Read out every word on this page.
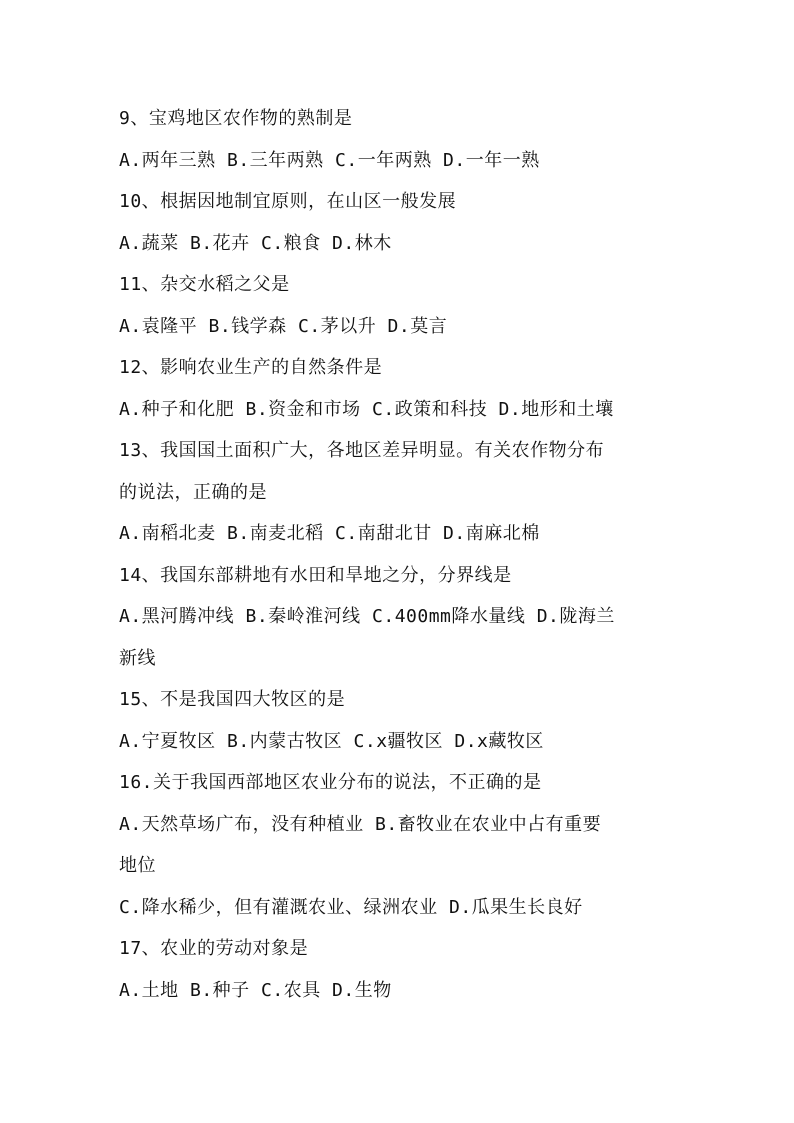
9、宝鸡地区农作物的熟制是
A.两年三熟 B.三年两熟 C.一年两熟 D.一年一熟
10、根据因地制宜原则，在山区一般发展
A.蔬菜 B.花卉 C.粮食 D.林木
11、杂交水稻之父是
A.袁隆平 B.钱学森 C.茅以升 D.莫言
12、影响农业生产的自然条件是
A.种子和化肥 B.资金和市场 C.政策和科技 D.地形和土壤
13、我国国土面积广大，各地区差异明显。有关农作物分布
的说法，正确的是
A.南稻北麦 B.南麦北稻 C.南甜北甘 D.南麻北棉
14、我国东部耕地有水田和旱地之分，分界线是
A.黑河腾冲线 B.秦岭淮河线 C.400mm降水量线 D.陇海兰
新线
15、不是我国四大牧区的是
A.宁夏牧区 B.内蒙古牧区 C.x疆牧区 D.x藏牧区
16.关于我国西部地区农业分布的说法，不正确的是
A.天然草场广布，没有种植业 B.畜牧业在农业中占有重要
地位
C.降水稀少，但有灌溉农业、绿洲农业 D.瓜果生长良好
17、农业的劳动对象是
A.土地 B.种子 C.农具 D.生物
